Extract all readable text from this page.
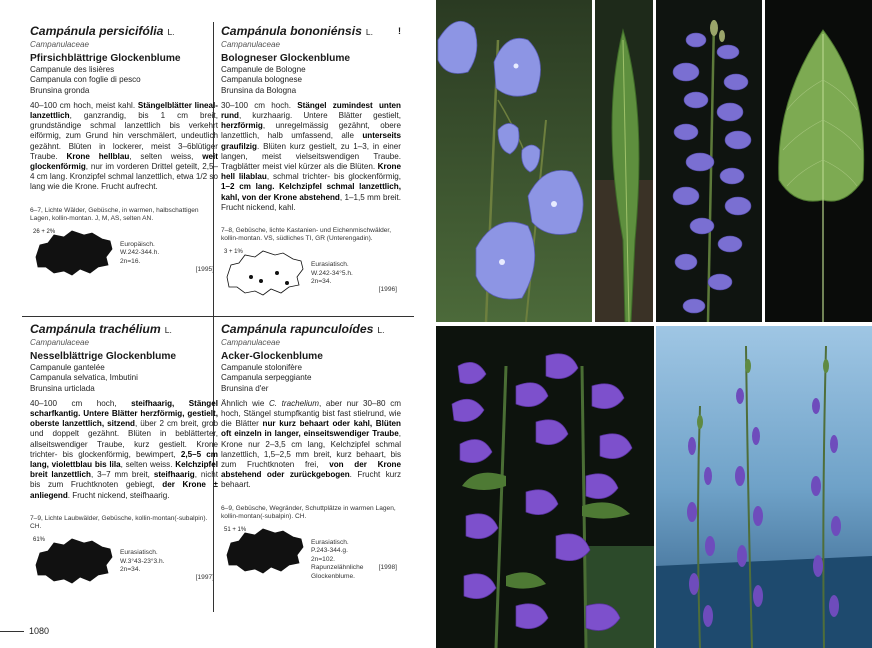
Campánula persicifólia L.
Campanulaceae
Pfirsichblättrige Glockenblume
Campanule des lisières
Campanula con foglie di pesco
Brunsina gronda
40–100 cm hoch, meist kahl. Stängelblätter lineal-lanzettlich, ganzrandig, bis 1 cm breit, grundständige schmal lanzettlich bis verkehrt eiförmig, zum Grund hin verschmälert, undeutlich gezähnt. Blüten in lockerer, meist 3–6blütiger Traube. Krone hellblau, selten weiss, weit glockenförmig, nur im vorderen Drittel geteilt, 2,5–4 cm lang. Kronzipfel schmal lanzettlich, etwa 1/2 so lang wie die Krone. Frucht aufrecht.
6–7, Lichte Wälder, Gebüsche, in warmen, halbschattigen Lagen, kollin-montan. J, M, AS, selten AN.
26 + 2%
Europäisch.
W.242-344.h.
2n=16.
[1995]
Campánula bononiénsis L.	!
Campanulaceae
Bologneser Glockenblume
Campanule de Bologne
Campanula bolognese
Brunsina da Bologna
30–100 cm hoch. Stängel zumindest unten rund, kurzhaarig. Untere Blätter gestielt, herzförmig, unregelmässig gezähnt, obere lanzettlich, halb umfassend, alle unterseits graufilzig. Blüten kurz gestielt, zu 1–3, in einer langen, meist vielseitswendigen Traube. Tragblätter meist viel kürzer als die Blüten. Krone hell lilablau, schmal trichter- bis glockenförmig, 1–2 cm lang. Kelchzipfel schmal lanzettlich, kahl, von der Krone abstehend, 1–1,5 mm breit. Frucht nickend, kahl.
7–8, Gebüsche, lichte Kastanien- und Eichenmischwälder, kollin-montan. VS, südliches TI, GR (Unterengadin).
3 + 1%
Eurasiatisch.
W.242-34°5.h.
2n=34.
[1996]
Campánula trachélium L.
Campanulaceae
Nesselblättrige Glockenblume
Campanule gantelée
Campanula selvatica, Imbutini
Brunsina urticlada
40–100 cm hoch, steifhaarig, Stängel scharfkantig. Untere Blätter herzförmig, gestielt, oberste lanzettlich, sitzend, über 2 cm breit, grob und doppelt gezähnt. Blüten in beblätterter, allseitswendiger Traube, kurz gestielt. Krone trichter- bis glockenförmig, bewimpert, 2,5–5 cm lang, violettblau bis lila, selten weiss. Kelchzipfel breit lanzettlich, 3–7 mm breit, steifhaarig, nicht bis zum Fruchtknoten gebiegt, der Krone ± anliegend. Frucht nickend, steifhaarig.
7–9, Lichte Laubwälder, Gebüsche, kollin-montan(-subalpin). CH.
61%
Eurasiatisch.
W.3°43-23°3.h.
2n=34.
[1997]
Campánula rapunculoídes L.
Campanulaceae
Acker-Glockenblume
Campanule stolonifère
Campanula serpeggiante
Brunsina d'er
Ähnlich wie C. trachelium, aber nur 30–80 cm hoch, Stängel stumpfkantig bist fast stielrund, wie die Blätter nur kurz behaart oder kahl, Blüten oft einzeln in langer, einseitswendiger Traube, Krone nur 2–3,5 cm lang, Kelchzipfel schmal lanzettlich, 1,5–2,5 mm breit, kurz behaart, bis zum Fruchtknoten frei, von der Krone abstehend oder zurückgebogen. Frucht kurz behaart.
6–9, Gebüsche, Wegränder, Schuttplätze in warmen Lagen, kollin-montan(-subalpin). CH.
51 + 1%
Eurasiatisch.
P.243-344.g.
2n=102.
Rapunzelähnliche
Glockenblume.
[1998]
1080
